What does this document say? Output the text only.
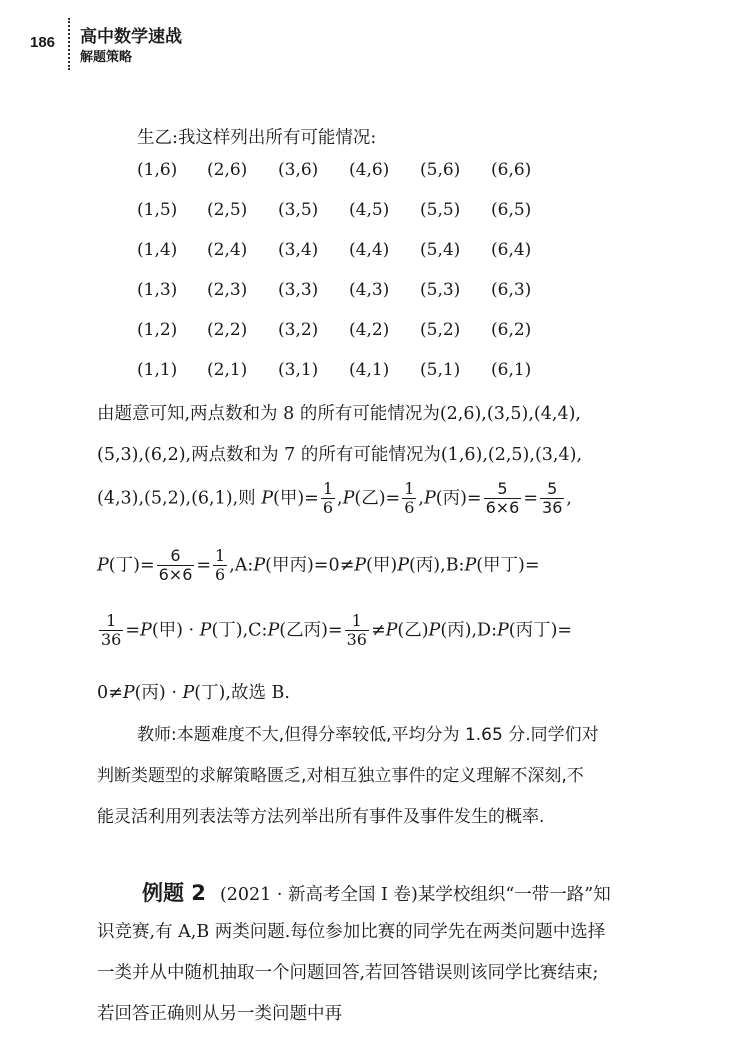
186 高中数学速战
解题策略
生乙:我这样列出所有可能情况:
(1,6) (2,6) (3,6) (4,6) (5,6) (6,6)
(1,5) (2,5) (3,5) (4,5) (5,5) (6,5)
(1,4) (2,4) (3,4) (4,4) (5,4) (6,4)
(1,3) (2,3) (3,3) (4,3) (5,3) (6,3)
(1,2) (2,2) (3,2) (4,2) (5,2) (6,2)
(1,1) (2,1) (3,1) (4,1) (5,1) (6,1)
由题意可知,两点数和为 8 的所有可能情况为(2,6),(3,5),(4,4),
(5,3),(6,2),两点数和为 7 的所有可能情况为(1,6),(2,5),(3,4),
(4,3),(5,2),(6,1),则 P(甲)= $\frac{1}{6} ,P$(乙)= $\frac{1}{6} ,P$(丙)= $\frac{5}{6\times 6} = \frac{5}{36}$ ,
P(丁)= $\frac{6}{6\times 6} = \frac{1}{6}$ ,A:P(甲丙)=0≠P(甲)P(丙),B:P(甲丁)=
$\frac{1}{36} =P$(甲) · P(丁),C:P(乙丙)= $\frac{1}{36} \ne P$(乙)P(丙),D:P(丙丁)=
0≠P(丙) · P(丁),故选 B.
教师:本题难度不大,但得分率较低,平均分为 1.65 分.同学们对
判断类题型的求解策略匮乏,对相互独立事件的定义理解不深刻,不
能灵活利用列表法等方法列举出所有事件及事件发生的概率.
例题 2 (2021 · 新高考全国 Ⅰ 卷)某学校组织“一带一路”知
识竞赛,有 A,B 两类问题.每位参加比赛的同学先在两类问题中选择
一类并从中随机抽取一个问题回答,若回答错误则该同学比赛结束;
若回答正确则从另一类问题中再
